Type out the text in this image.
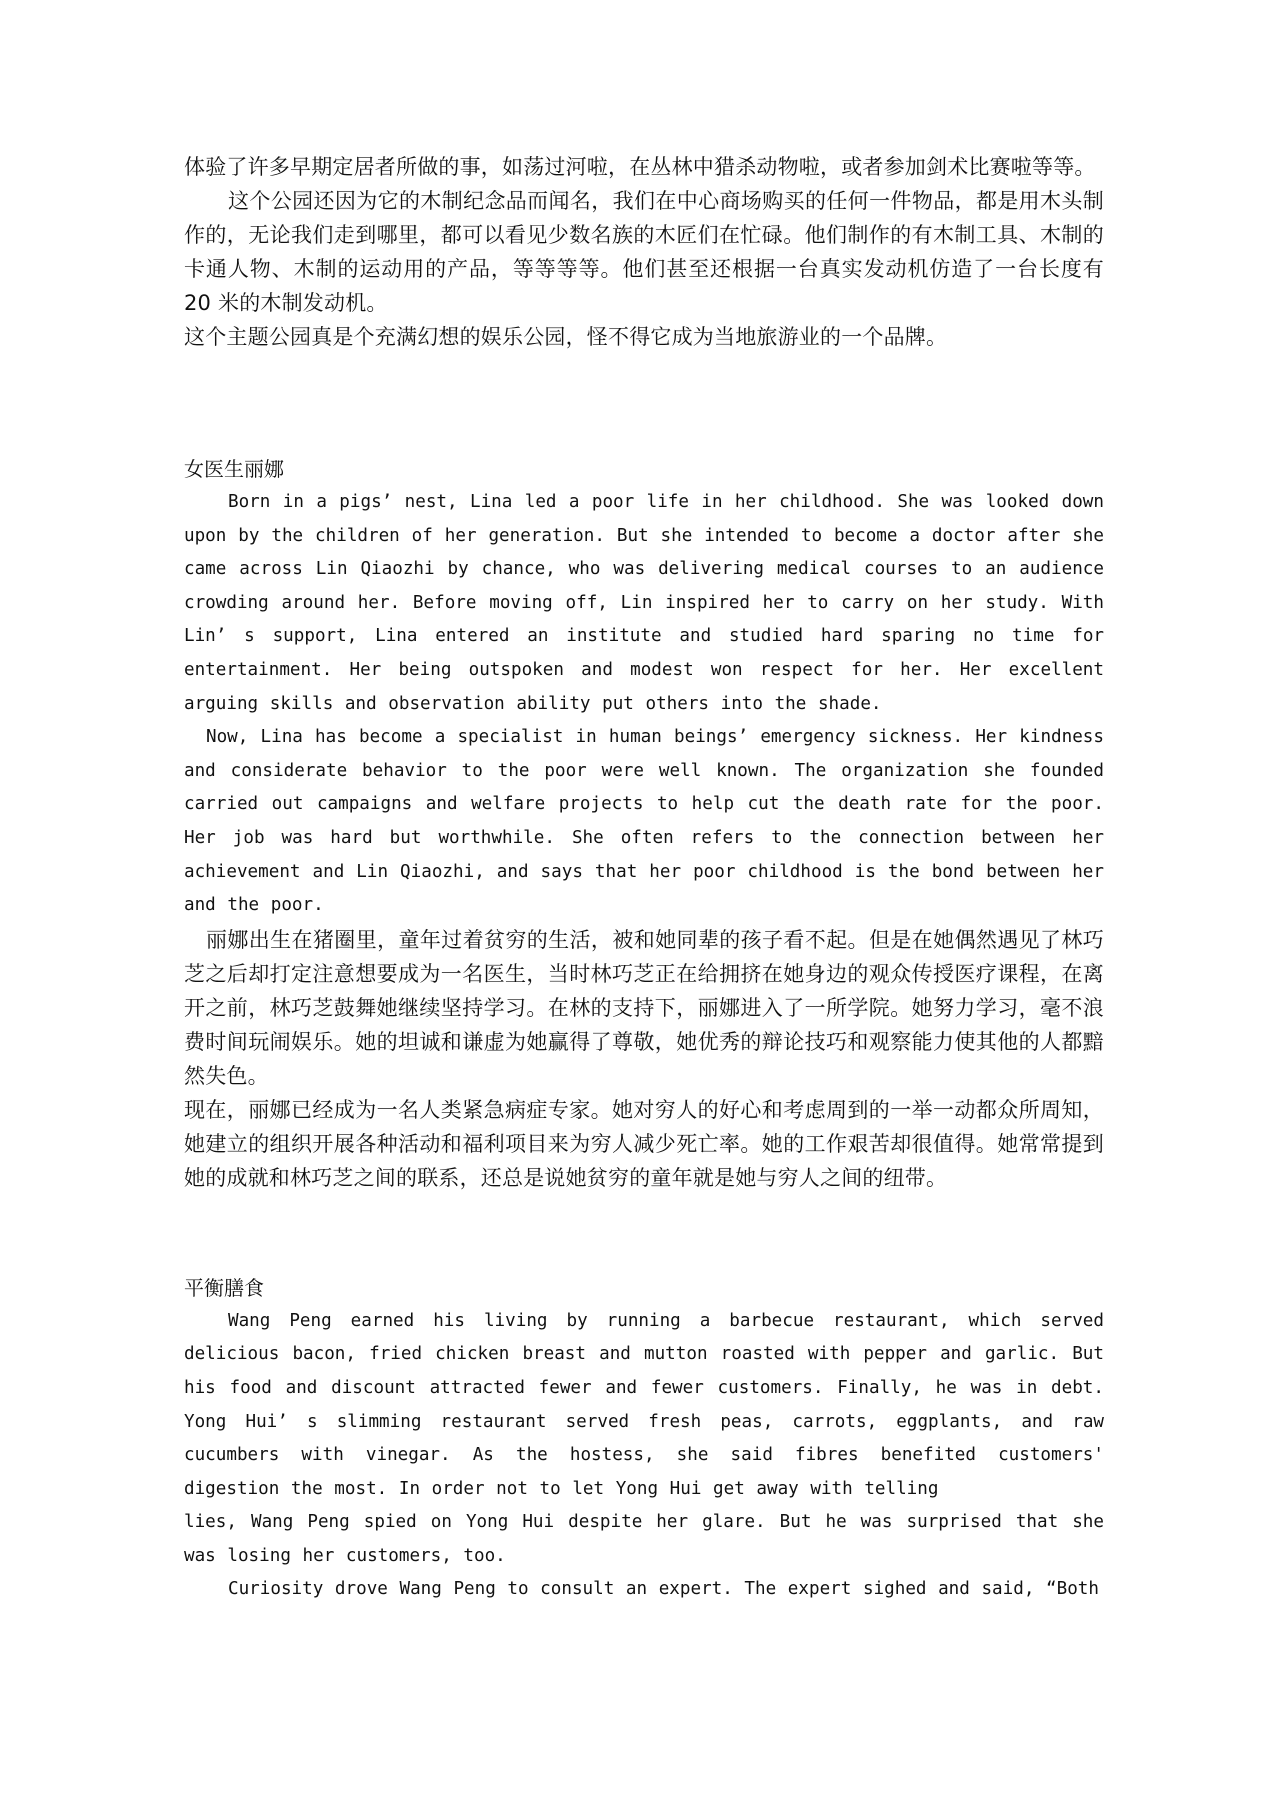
体验了许多早期定居者所做的事，如荡过河啦，在丛林中猎杀动物啦，或者参加剑术比赛啦等等。

这个公园还因为它的木制纪念品而闻名，我们在中心商场购买的任何一件物品，都是用木头制作的，无论我们走到哪里，都可以看见少数名族的木匠们在忙碌。他们制作的有木制工具、木制的卡通人物、木制的运动用的产品，等等等等。他们甚至还根据一台真实发动机仿造了一台长度有 20 米的木制发动机。

这个主题公园真是个充满幻想的娱乐公园，怪不得它成为当地旅游业的一个品牌。

女医生丽娜

Born in a pigs’ nest, Lina led a poor life in her childhood. She was looked down upon by the children of her generation. But she intended to become a doctor after she came across Lin Qiaozhi by chance, who was delivering medical courses to an audience crowding around her. Before moving off, Lin inspired her to carry on her study. With Lin’ s support, Lina entered an institute and studied hard sparing no time for entertainment. Her being outspoken and modest won respect for her. Her excellent arguing skills and observation ability put others into the shade.

Now, Lina has become a specialist in human beings’ emergency sickness. Her kindness and considerate behavior to the poor were well known. The organization she founded carried out campaigns and welfare projects to help cut the death rate for the poor. Her job was hard but worthwhile. She often refers to the connection between her achievement and Lin Qiaozhi, and says that her poor childhood is the bond between her and the poor.

丽娜出生在猪圈里，童年过着贫穷的生活，被和她同辈的孩子看不起。但是在她偶然遇见了林巧芝之后却打定注意想要成为一名医生，当时林巧芝正在给拥挤在她身边的观众传授医疗课程，在离开之前，林巧芝鼓舞她继续坚持学习。在林的支持下，丽娜进入了一所学院。她努力学习，毫不浪费时间玩闹娱乐。她的坦诚和谦虚为她赢得了尊敬，她优秀的辩论技巧和观察能力使其他的人都黯然失色。

现在，丽娜已经成为一名人类紧急病症专家。她对穷人的好心和考虑周到的一举一动都众所周知，她建立的组织开展各种活动和福利项目来为穷人减少死亡率。她的工作艰苦却很值得。她常常提到她的成就和林巧芝之间的联系，还总是说她贫穷的童年就是她与穷人之间的纽带。

平衡膳食

Wang Peng earned his living by running a barbecue restaurant, which served delicious bacon, fried chicken breast and mutton roasted with pepper and garlic. But his food and discount attracted fewer and fewer customers. Finally, he was in debt. Yong Hui’ s slimming restaurant served fresh peas, carrots, eggplants, and raw cucumbers with vinegar. As the hostess, she said fibres benefited customers' digestion the most. In order not to let Yong Hui get away with telling

lies, Wang Peng spied on Yong Hui despite her glare. But he was surprised that she was losing her customers, too.

Curiosity drove Wang Peng to consult an expert. The expert sighed and said, “Both
